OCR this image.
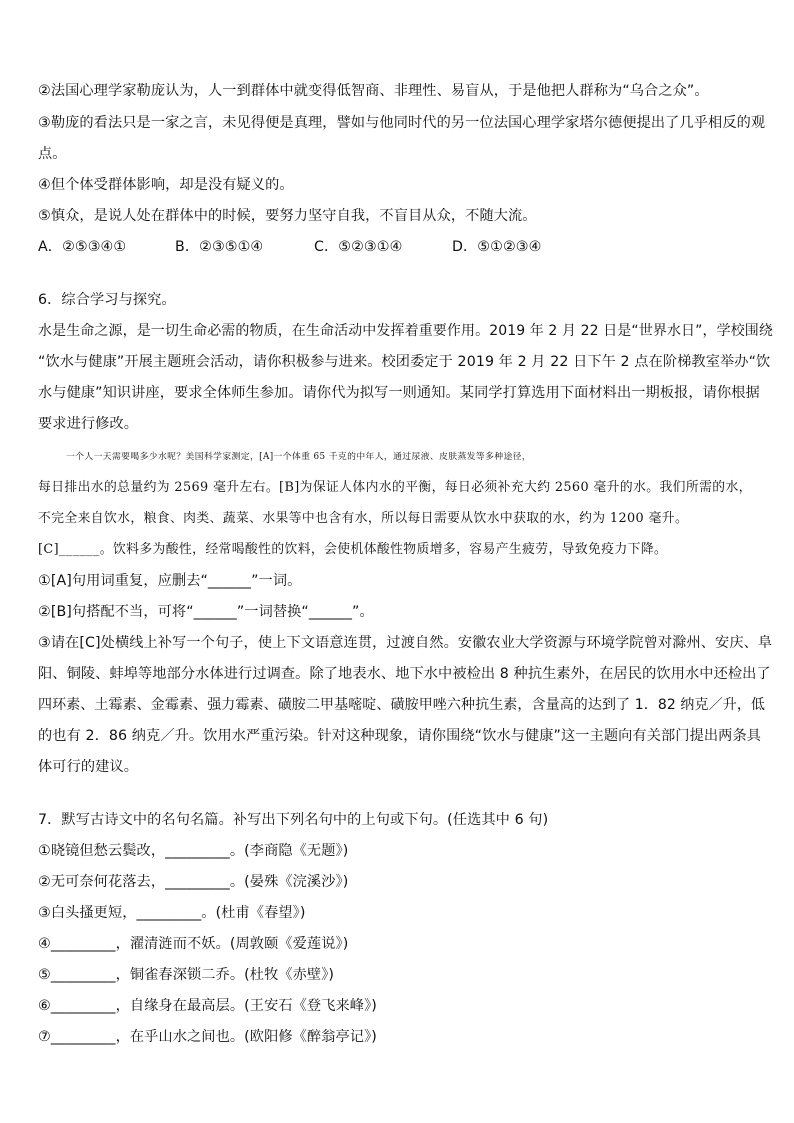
②法国心理学家勒庞认为，人一到群体中就变得低智商、非理性、易盲从，于是他把人群称为“乌合之众”。
③勒庞的看法只是一家之言，未见得便是真理，譬如与他同时代的另一位法国心理学家塔尔德便提出了几乎相反的观
点。
④但个体受群体影响，却是没有疑义的。
⑤慎众，是说人处在群体中的时候，要努力坚守自我，不盲目从众，不随大流。
A．②⑤③④①	B．②③⑤①④	C．⑤②③①④	D．⑤①②③④
6．综合学习与探究。
水是生命之源，是一切生命必需的物质，在生命活动中发挥着重要作用。2019 年 2 月 22 日是“世界水日”，学校围绕
“饮水与健康”开展主题班会活动，请你积极参与进来。校团委定于 2019 年 2 月 22 日下午 2 点在阶梯教室举办“饮
水与健康”知识讲座，要求全体师生参加。请你代为拟写一则通知。某同学打算选用下面材料出一期板报，请你根据
要求进行修改。
一个人一天需要喝多少水呢？美国科学家测定，[A]一个体重 65 千克的中年人，通过尿液、皮肤蒸发等多种途径，
每日排出水的总量约为 2569 毫升左右。[B]为保证人体内水的平衡，每日必须补充大约 2560 毫升的水。我们所需的水，
不完全来自饮水，粮食、肉类、蔬菜、水果等中也含有水，所以每日需要从饮水中获取的水，约为 1200 毫升。
[C]______。饮料多为酸性，经常喝酸性的饮料，会使机体酸性物质增多，容易产生疲劳，导致免疫力下降。
①[A]句用词重复，应删去“______”一词。
②[B]句搭配不当，可将“______”一词替换“______”。
③请在[C]处横线上补写一个句子，使上下文语意连贯，过渡自然。安徽农业大学资源与环境学院曾对滁州、安庆、阜
阳、铜陵、蚌埠等地部分水体进行过调查。除了地表水、地下水中被检出 8 种抗生素外，在居民的饮用水中还检出了
四环素、土霉素、金霉素、强力霉素、磺胺二甲基嘧啶、磺胺甲唑六种抗生素，含量高的达到了 1．82 纳克／升，低
的也有 2．86 纳克／升。饮用水严重污染。针对这种现象，请你围绕“饮水与健康”这一主题向有关部门提出两条具
体可行的建议。
7．默写古诗文中的名句名篇。补写出下列名句中的上句或下句。(任选其中 6 句)
①晓镜但愁云鬓改，_________。(李商隐《无题》)
②无可奈何花落去，_________。(晏殊《浣溪沙》)
③白头搔更短，_________。(杜甫《春望》)
④_________，濯清涟而不妖。(周敦颐《爱莲说》)
⑤_________，铜雀春深锁二乔。(杜牧《赤壁》)
⑥_________，自缘身在最高层。(王安石《登飞来峰》)
⑦_________，在乎山水之间也。(欧阳修《醉翁亭记》)
